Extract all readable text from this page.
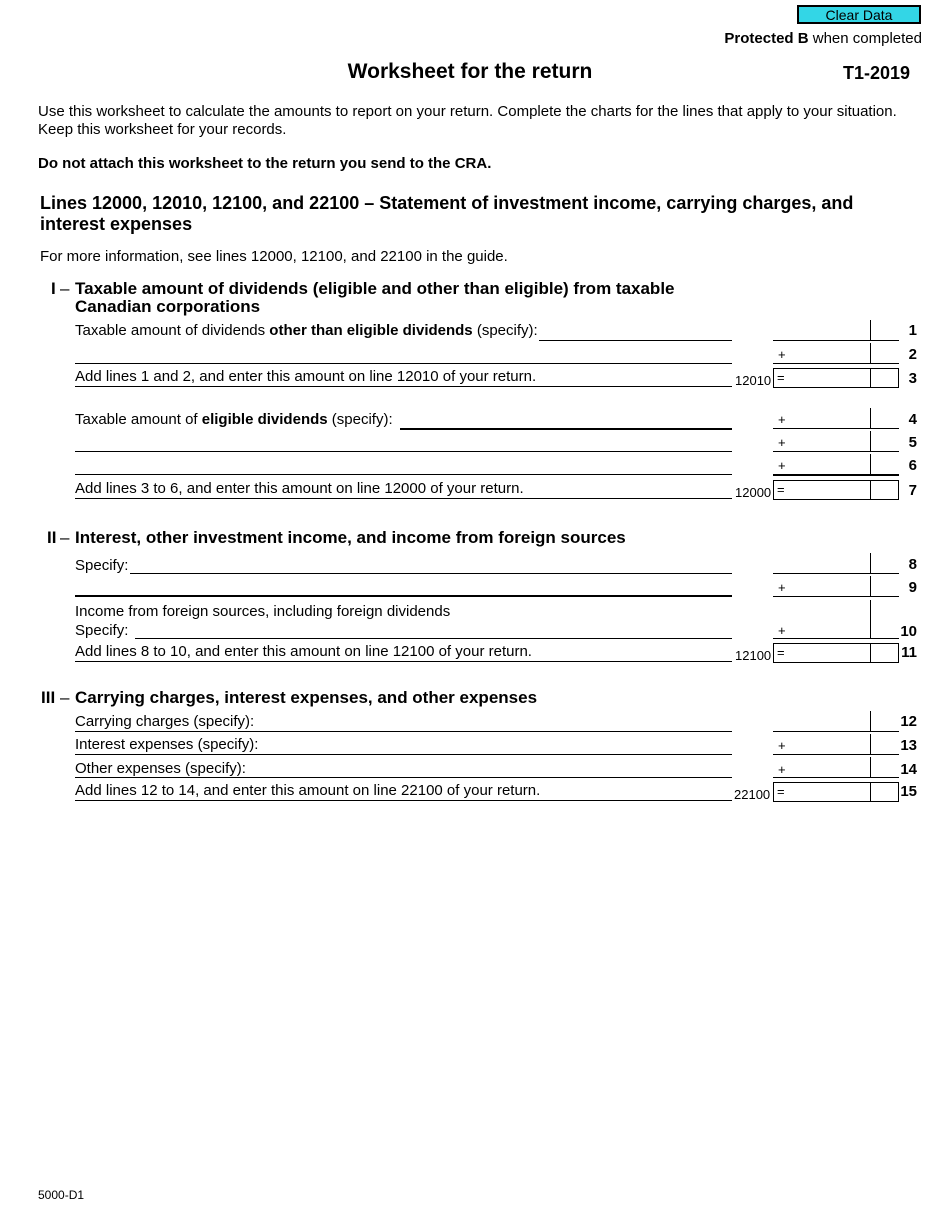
Clear Data
Protected B when completed
Worksheet for the return	T1-2019
Use this worksheet to calculate the amounts to report on your return. Complete the charts for the lines that apply to your situation. Keep this worksheet for your records.
Do not attach this worksheet to the return you send to the CRA.
Lines 12000, 12010, 12100, and 22100 – Statement of investment income, carrying charges, and interest expenses
For more information, see lines 12000, 12100, and 22100 in the guide.
I – Taxable amount of dividends (eligible and other than eligible) from taxable Canadian corporations
Taxable amount of dividends other than eligible dividends (specify):	1
+	2
Add lines 1 and 2, and enter this amount on line 12010 of your return.	12010 =	3
Taxable amount of eligible dividends (specify):	+	4
+	5
+	6
Add lines 3 to 6, and enter this amount on line 12000 of your return.	12000 =	7
II – Interest, other investment income, and income from foreign sources
Specify:	8
+	9
Income from foreign sources, including foreign dividends
Specify:	+	10
Add lines 8 to 10, and enter this amount on line 12100 of your return.	12100 =	11
III – Carrying charges, interest expenses, and other expenses
Carrying charges (specify):	12
Interest expenses (specify):	+	13
Other expenses (specify):	+	14
Add lines 12 to 14, and enter this amount on line 22100 of your return.	22100 =	15
5000-D1
